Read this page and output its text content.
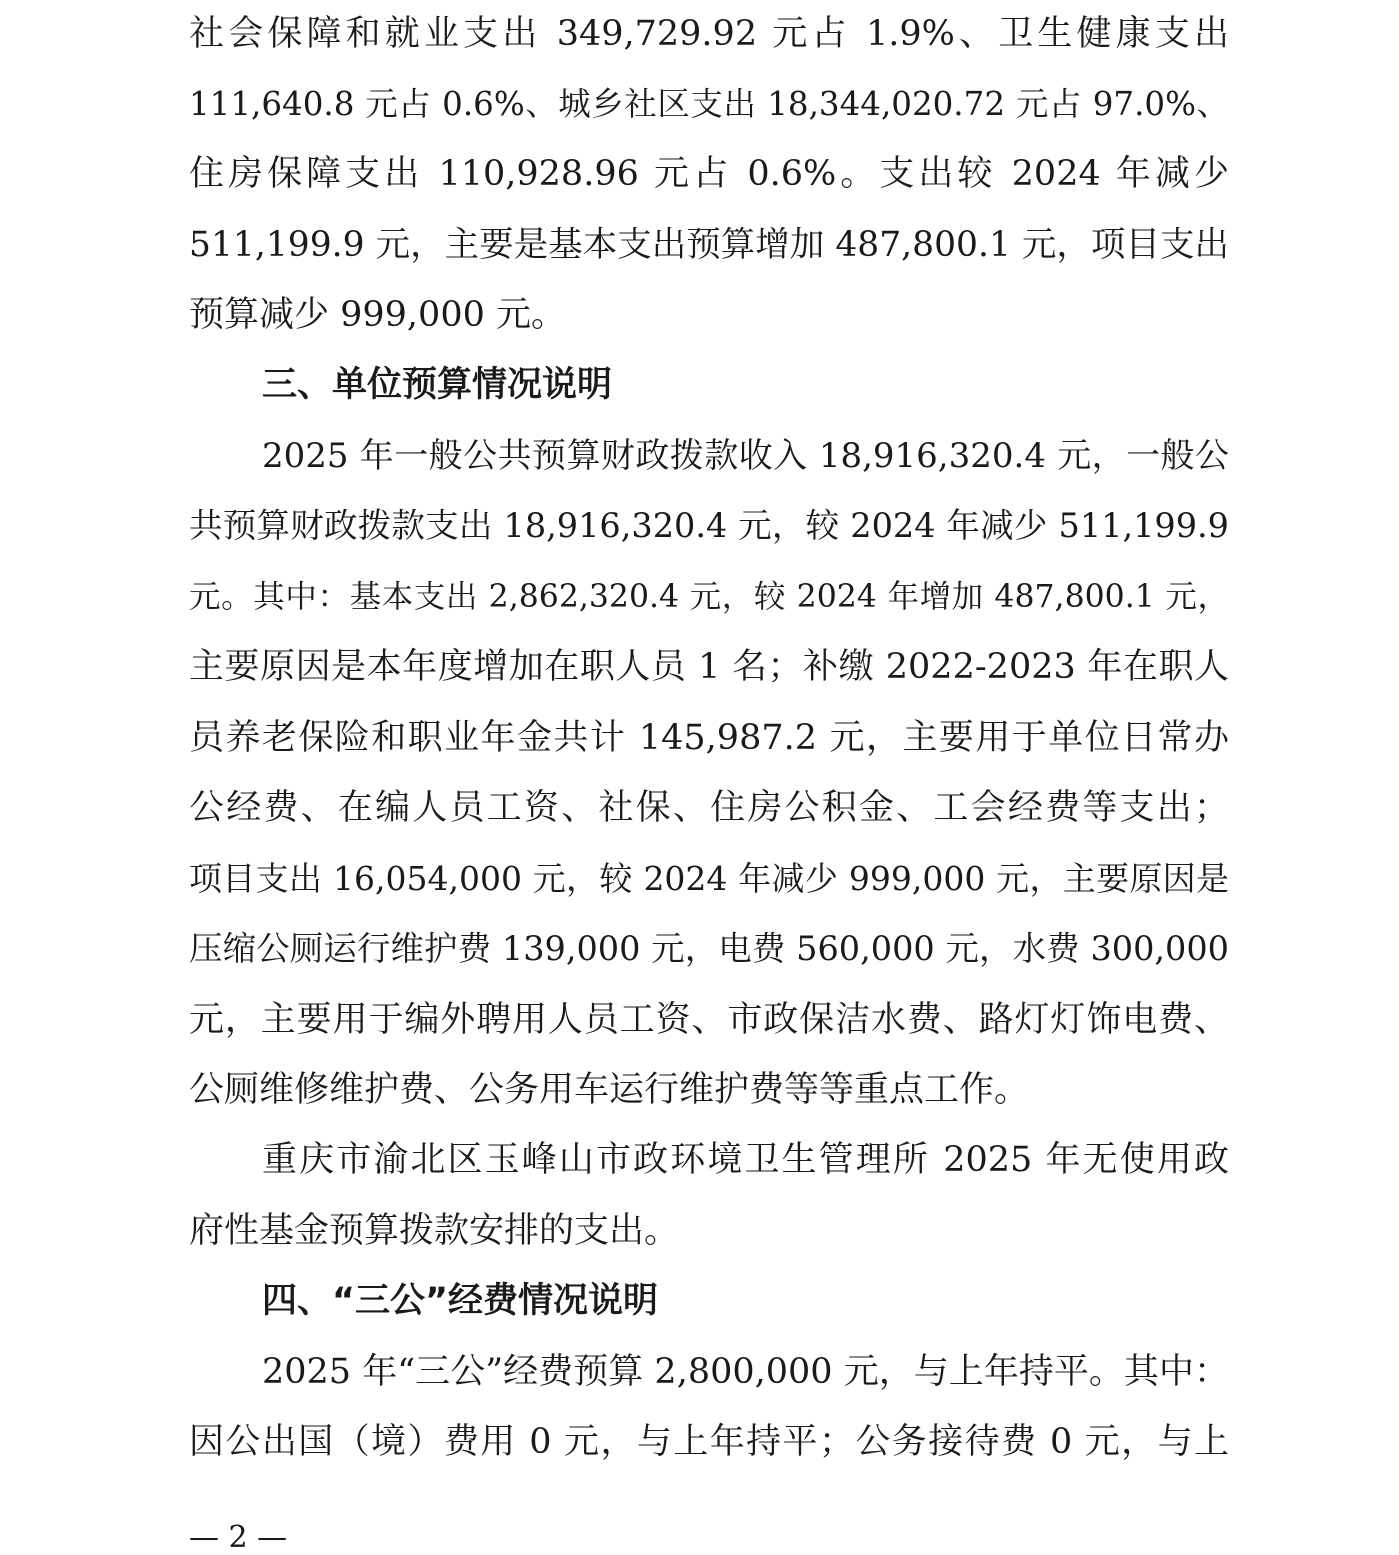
社会保障和就业支出 349,729.92 元占 1.9%、卫生健康支出
111,640.8 元占 0.6%、城乡社区支出 18,344,020.72 元占 97.0%、
住房保障支出 110,928.96 元占 0.6%。支出较 2024 年减少
511,199.9 元，主要是基本支出预算增加 487,800.1 元，项目支出
预算减少 999,000 元。
三、单位预算情况说明
2025 年一般公共预算财政拨款收入 18,916,320.4 元，一般公
共预算财政拨款支出 18,916,320.4 元，较 2024 年减少 511,199.9
元。其中：基本支出 2,862,320.4 元，较 2024 年增加 487,800.1 元，
主要原因是本年度增加在职人员 1 名；补缴 2022-2023 年在职人
员养老保险和职业年金共计 145,987.2 元，主要用于单位日常办
公经费、在编人员工资、社保、住房公积金、工会经费等支出；
项目支出 16,054,000 元，较 2024 年减少 999,000 元，主要原因是
压缩公厕运行维护费 139,000 元，电费 560,000 元，水费 300,000
元，主要用于编外聘用人员工资、市政保洁水费、路灯灯饰电费、
公厕维修维护费、公务用车运行维护费等等重点工作。
重庆市渝北区玉峰山市政环境卫生管理所 2025 年无使用政
府性基金预算拨款安排的支出。
四、“三公”经费情况说明
2025 年“三公”经费预算 2,800,000 元，与上年持平。其中：
因公出国（境）费用 0 元，与上年持平；公务接待费 0 元，与上
— 2 —
